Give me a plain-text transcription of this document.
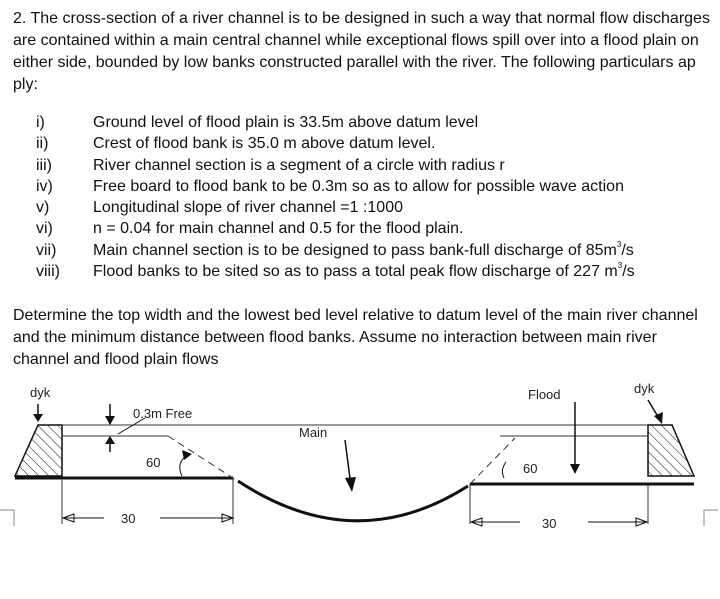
2. The cross-section of a river channel is to be designed in such a way that normal flow discharges are contained within a main central channel while exceptional flows spill over into a flood plain on either side, bounded by low banks constructed parallel with the river. The following particulars ap ply:
i)	Ground level of flood plain is 33.5m above datum level
ii)	Crest of flood bank is 35.0 m above datum level.
iii)	River channel section is a segment of a circle with radius r
iv)	Free board to flood bank to be 0.3m so as to allow for possible wave action
v)	Longitudinal slope of river channel =1 :1000
vi)	n = 0.04 for main channel and 0.5 for the flood plain.
vii) Main channel section is to be designed to pass bank-full discharge of $85m^3/s$
viii) Flood banks to be sited so as to pass a total peak flow discharge of 227 $m^3/s$
Determine the top width and the lowest bed level relative to datum level of the main river channel and the minimum distance between flood banks. Assume no interaction between main river channel and flood plain flows
dyk	dyk
0.3m Free
Main
Flood
60	60
30	30
